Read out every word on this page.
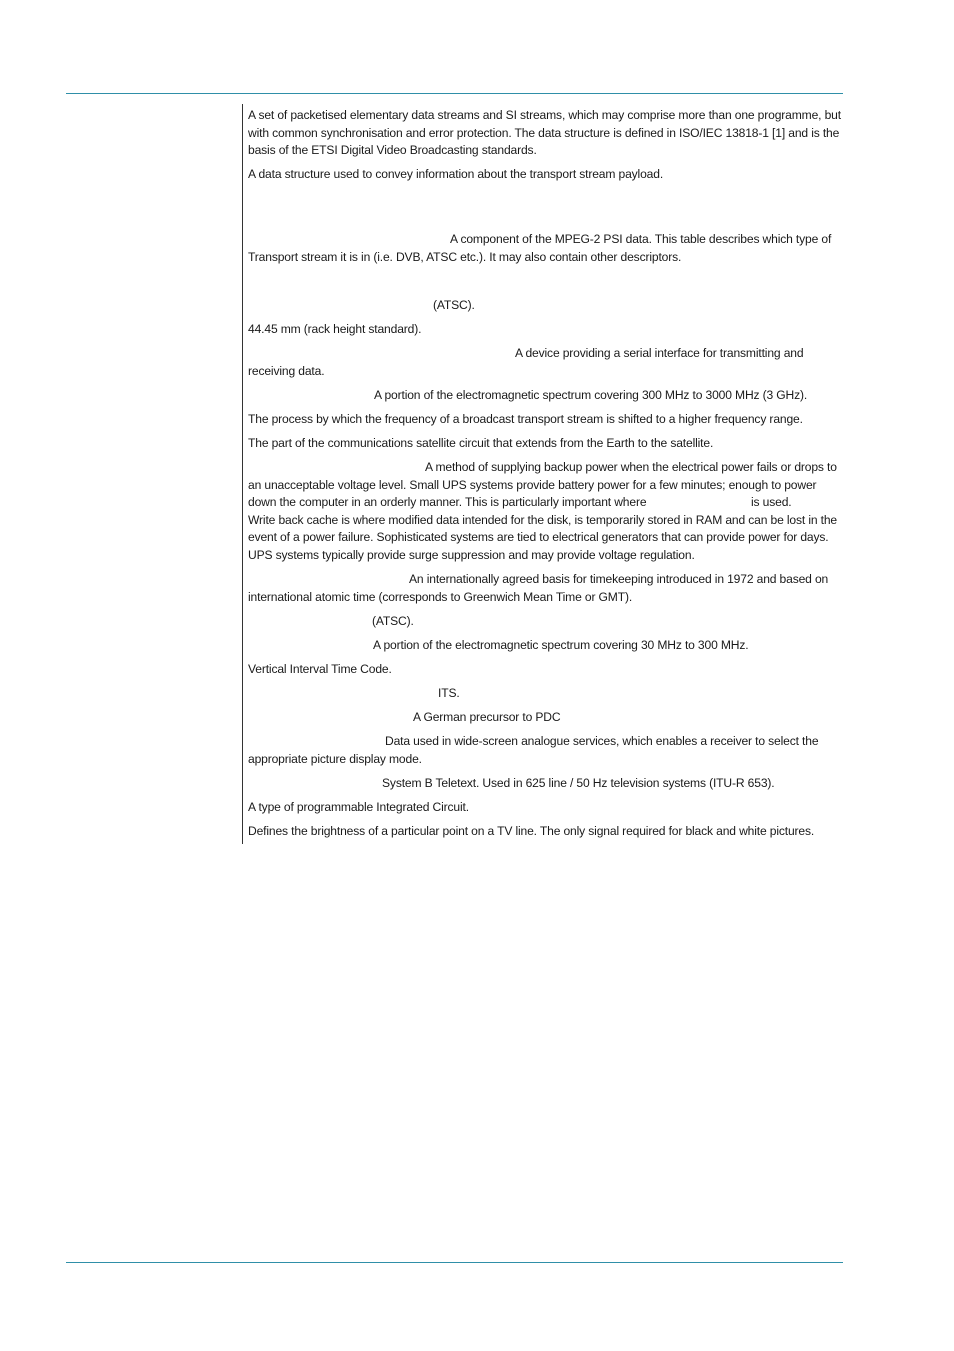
A set of packetised elementary data streams and SI streams, which may comprise more than one programme, but
with common synchronisation and error protection. The data structure is defined in ISO/IEC 13818-1 [1] and is the
basis of the ETSI Digital Video Broadcasting standards.
A data structure used to convey information about the transport stream payload.
A component of the MPEG-2 PSI data. This table describes which type of
Transport stream it is in (i.e. DVB, ATSC etc.). It may also contain other descriptors.
(ATSC).
44.45 mm (rack height standard).
A device providing a serial interface for transmitting and
receiving data.
A portion of the electromagnetic spectrum covering 300 MHz to 3000 MHz (3 GHz).
The process by which the frequency of a broadcast transport stream is shifted to a higher frequency range.
The part of the communications satellite circuit that extends from the Earth to the satellite.
A method of supplying backup power when the electrical power fails or drops to
an unacceptable voltage level. Small UPS systems provide battery power for a few minutes; enough to power
down the computer in an orderly manner. This is particularly important where	is used.
Write back cache is where modified data intended for the disk, is temporarily stored in RAM and can be lost in the
event of a power failure. Sophisticated systems are tied to electrical generators that can provide power for days.
UPS systems typically provide surge suppression and may provide voltage regulation.
An internationally agreed basis for timekeeping introduced in 1972 and based on
international atomic time (corresponds to Greenwich Mean Time or GMT).
(ATSC).
A portion of the electromagnetic spectrum covering 30 MHz to 300 MHz.
Vertical Interval Time Code.
ITS.
A German precursor to PDC
Data used in wide-screen analogue services, which enables a receiver to select the
appropriate picture display mode.
System B Teletext. Used in 625 line / 50 Hz television systems (ITU-R 653).
A type of programmable Integrated Circuit.
Defines the brightness of a particular point on a TV line. The only signal required for black and white pictures.
